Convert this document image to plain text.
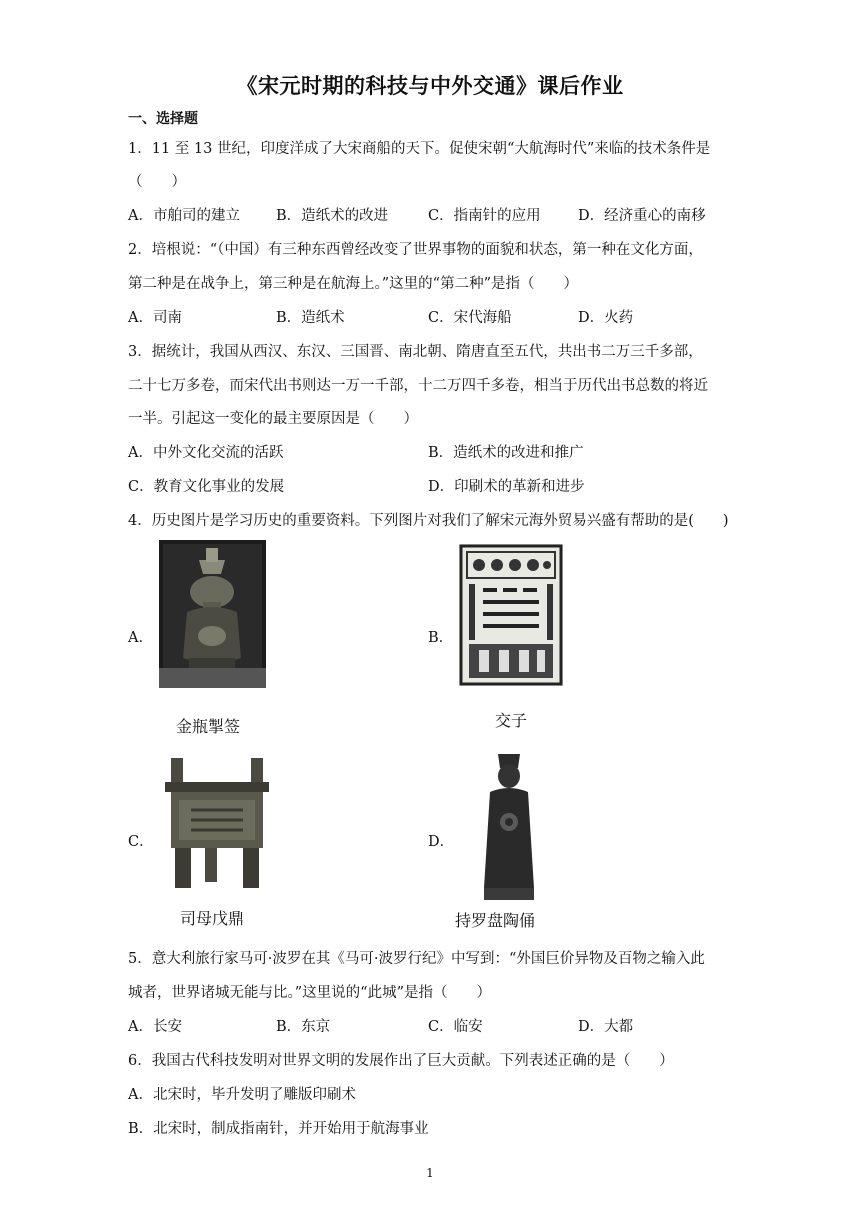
《宋元时期的科技与中外交通》课后作业
一、选择题
1．11 至 13 世纪，印度洋成了大宋商船的天下。促使宋朝“大航海时代”来临的技术条件是
（　　）
A．市舶司的建立 B．造纸术的改进	C．指南针的应用	D．经济重心的南移
2．培根说：“（中国）有三种东西曾经改变了世界事物的面貌和状态，第一种在文化方面，
第二种是在战争上，第三种是在航海上。”这里的“第二种”是指（　　）
A．司南	B．造纸术	C．宋代海船	D．火药
3．据统计，我国从西汉、东汉、三国晋、南北朝、隋唐直至五代，共出书二万三千多部，
二十七万多卷，而宋代出书则达一万一千部，十二万四千多卷，相当于历代出书总数的将近
一半。引起这一变化的最主要原因是（　　）
A．中外文化交流的活跃	B．造纸术的改进和推广
C．教育文化事业的发展	D．印刷术的革新和进步
4．历史图片是学习历史的重要资料。下列图片对我们了解宋元海外贸易兴盛有帮助的是(　　)
A．
金瓶掣签
B．
交子
C．
司母戊鼎
D．
持罗盘陶俑
5．意大利旅行家马可·波罗在其《马可·波罗行纪》中写到：“外国巨价异物及百物之输入此
城者，世界诸城无能与比。”这里说的“此城”是指（　　）
A．长安	B．东京	C．临安	D．大都
6．我国古代科技发明对世界文明的发展作出了巨大贡献。下列表述正确的是（　　）
A．北宋时，毕升发明了雕版印刷术
B．北宋时，制成指南针，并开始用于航海事业
1
